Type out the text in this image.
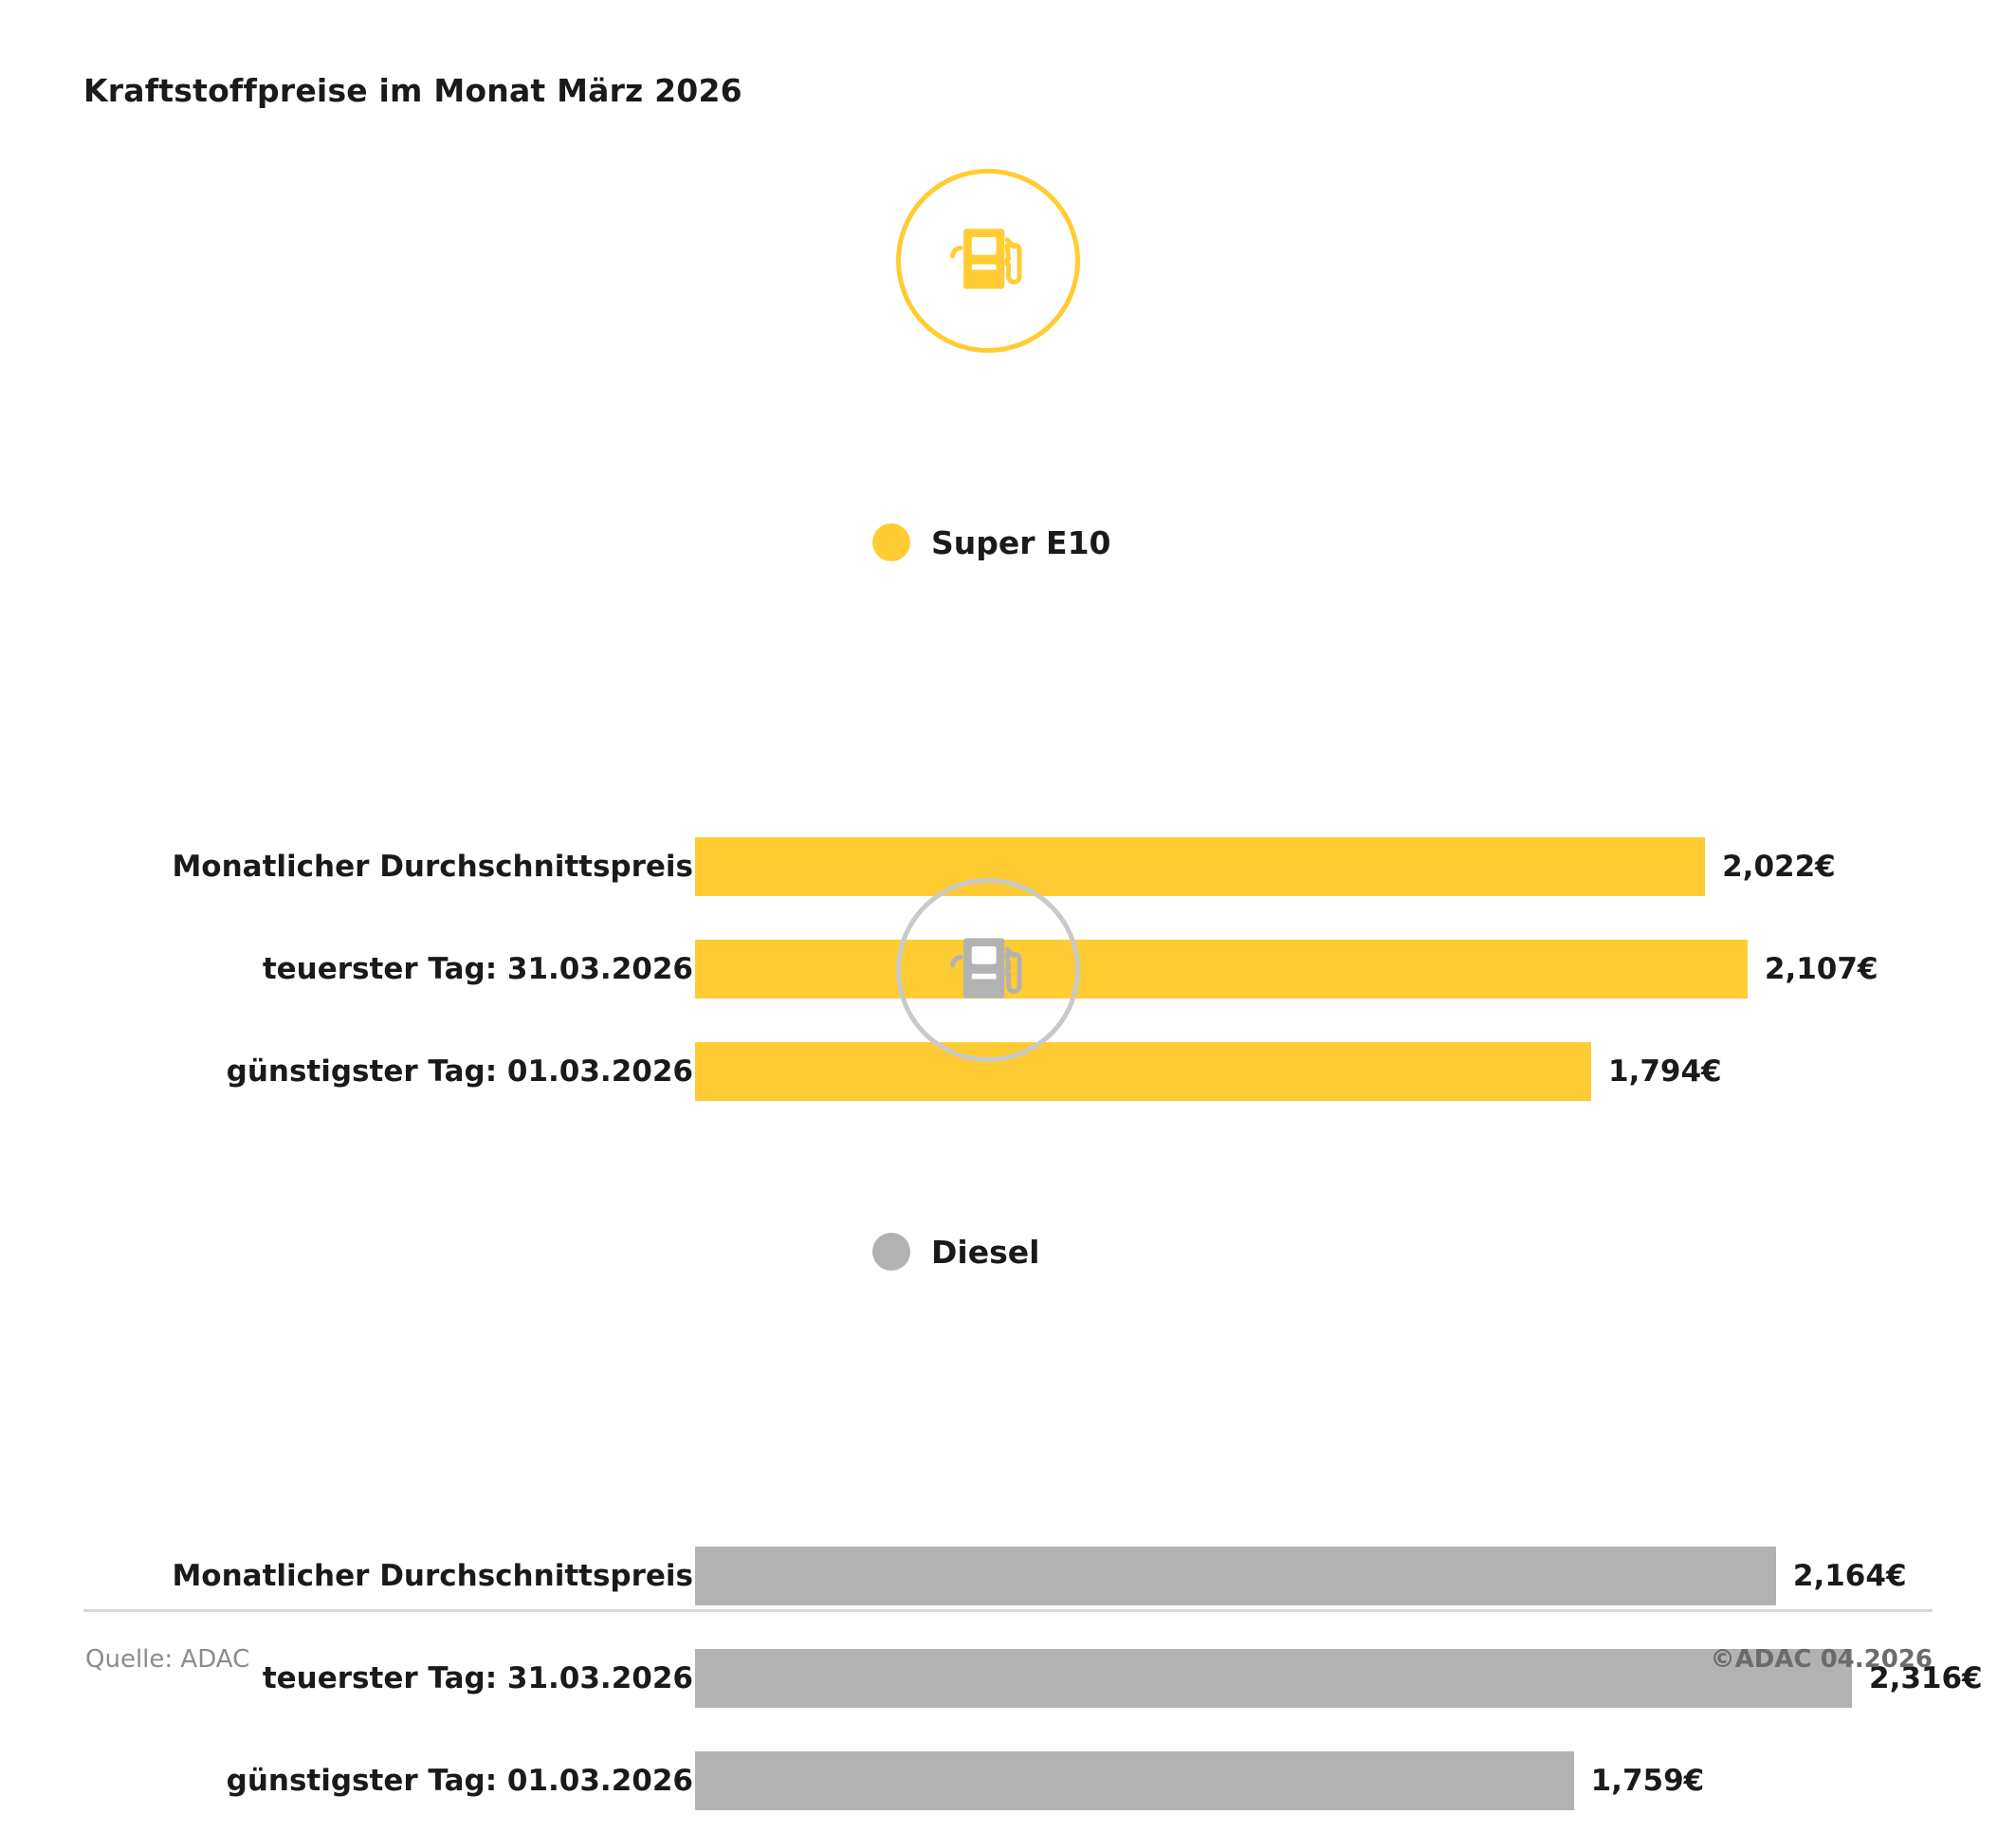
Kraftstoffpreise im Monat März 2026
Super E10
Monatlicher Durchschnittspreis	2,022€
teuerster Tag: 31.03.2026	2,107€
günstigster Tag: 01.03.2026	1,794€
Diesel
Monatlicher Durchschnittspreis	2,164€
teuerster Tag: 31.03.2026	2,316€
günstigster Tag: 01.03.2026	1,759€
Quelle: ADAC	©ADAC 04.2026
